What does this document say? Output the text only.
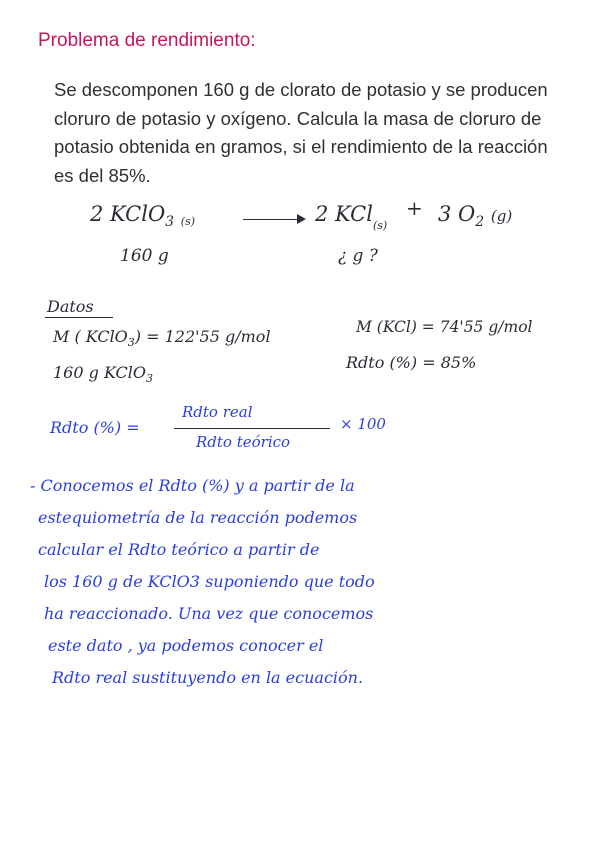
Problema de rendimiento:
Se descomponen 160 g de clorato de potasio y se producen cloruro de potasio y oxígeno. Calcula la masa de cloruro de potasio obtenida en gramos, si el rendimiento de la reacción es del 85%.
2 KClO$_3$ (s)	2 KCl$_{(s)}$
+ 3 $O_2$ (g)
160 g	¿ g ?
Datos
M ( KClO$_3$) = 122'55 g/mol	M (KCl) = 74'55 g/mol
160 g KClO$_3$
Rdto (%) = 85%
Rdto (%) =
Rdto real
Rdto teórico
× 100
- Conocemos el Rdto (%) y a partir de la
estequiometría de la reacción podemos
calcular el Rdto teórico a partir de
los 160 g de KClO3 suponiendo que todo
ha reaccionado. Una vez que conocemos
este dato , ya podemos conocer el
Rdto real sustituyendo en la ecuación.
